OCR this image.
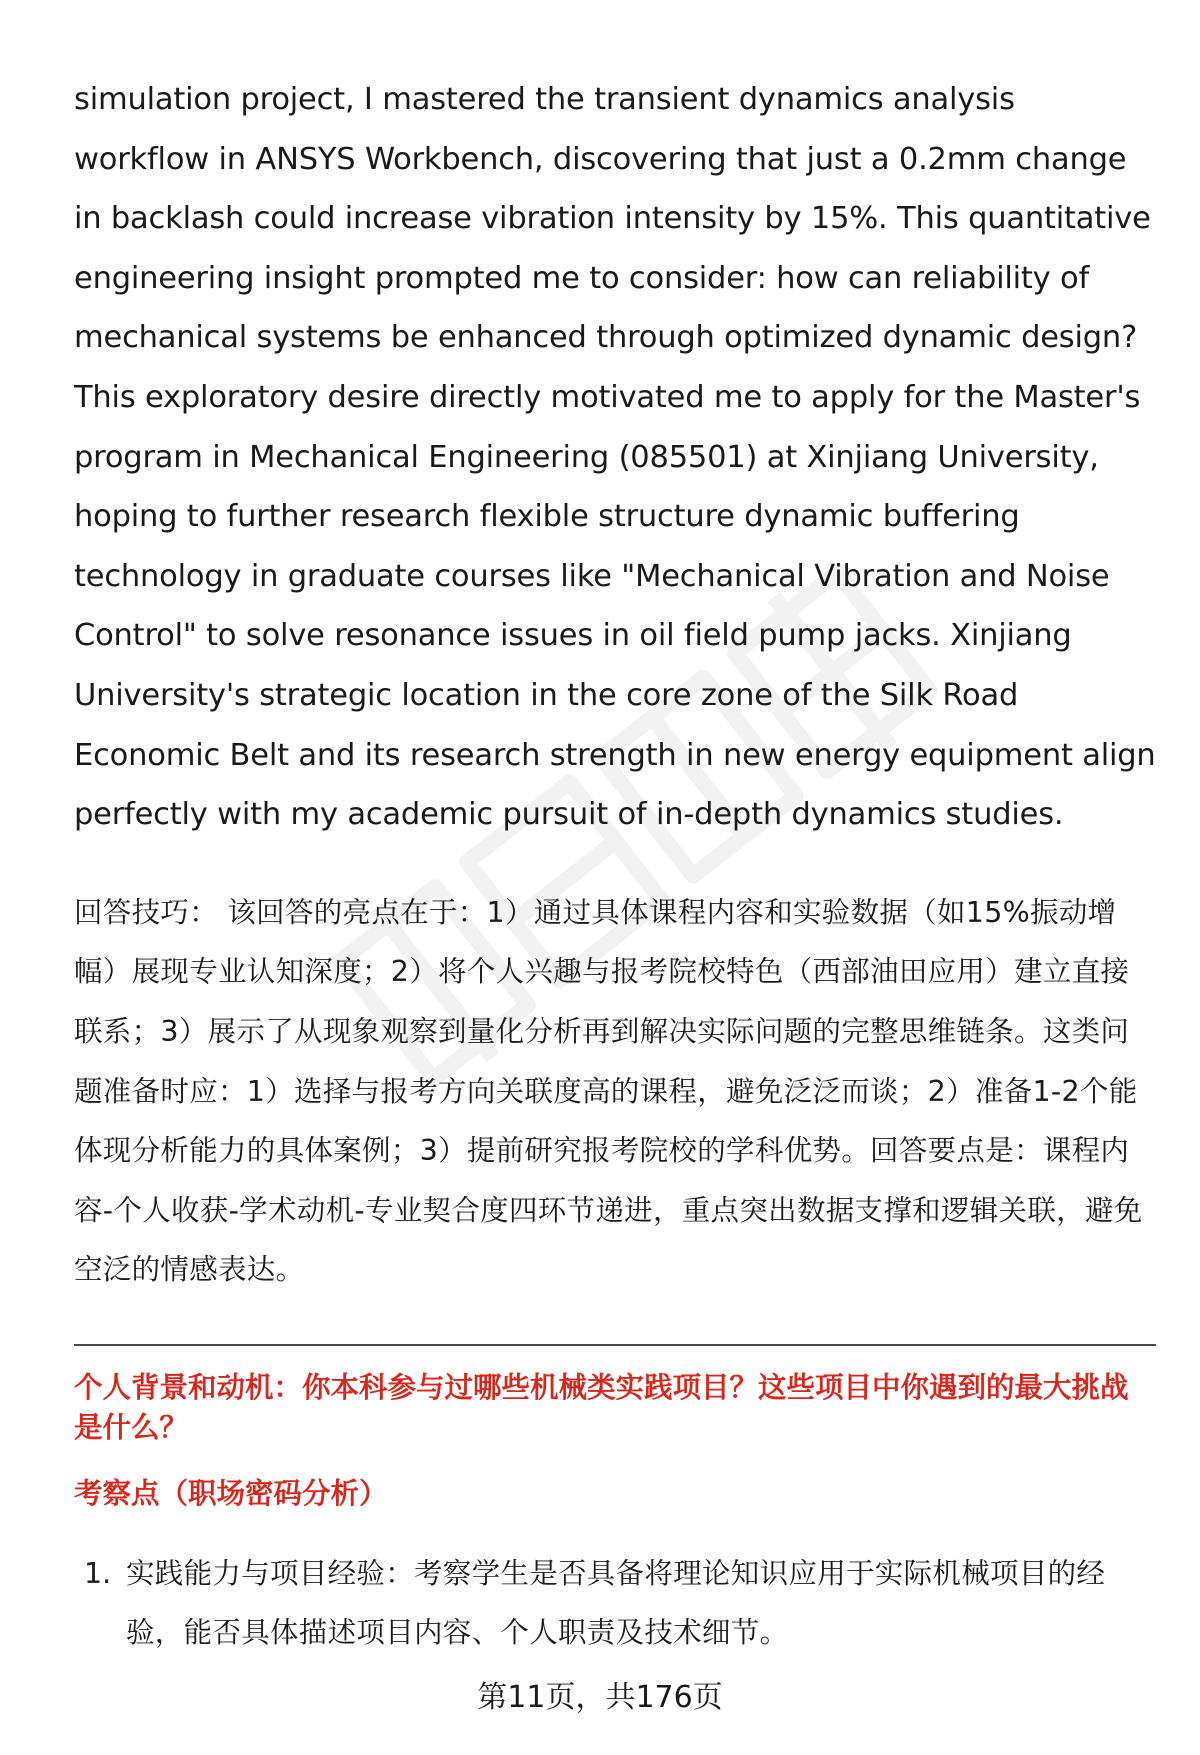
simulation project, I mastered the transient dynamics analysis workflow in ANSYS Workbench, discovering that just a 0.2mm change in backlash could increase vibration intensity by 15%. This quantitative engineering insight prompted me to consider: how can reliability of mechanical systems be enhanced through optimized dynamic design? This exploratory desire directly motivated me to apply for the Master's program in Mechanical Engineering (085501) at Xinjiang University, hoping to further research flexible structure dynamic buffering technology in graduate courses like "Mechanical Vibration and Noise Control" to solve resonance issues in oil field pump jacks. Xinjiang University's strategic location in the core zone of the Silk Road Economic Belt and its research strength in new energy equipment align perfectly with my academic pursuit of in-depth dynamics studies.

回答技巧： 该回答的亮点在于：1）通过具体课程内容和实验数据（如15%振动增幅）展现专业认知深度；2）将个人兴趣与报考院校特色（西部油田应用）建立直接联系；3）展示了从现象观察到量化分析再到解决实际问题的完整思维链条。这类问题准备时应：1）选择与报考方向关联度高的课程，避免泛泛而谈；2）准备1-2个能体现分析能力的具体案例；3）提前研究报考院校的学科优势。回答要点是：课程内容-个人收获-学术动机-专业契合度四环节递进，重点突出数据支撑和逻辑关联，避免空泛的情感表达。

个人背景和动机：你本科参与过哪些机械类实践项目？这些项目中你遇到的最大挑战是什么？
考察点（职场密码分析）
1. 实践能力与项目经验：考察学生是否具备将理论知识应用于实际机械项目的经验，能否具体描述项目内容、个人职责及技术细节。
第11页，共176页
